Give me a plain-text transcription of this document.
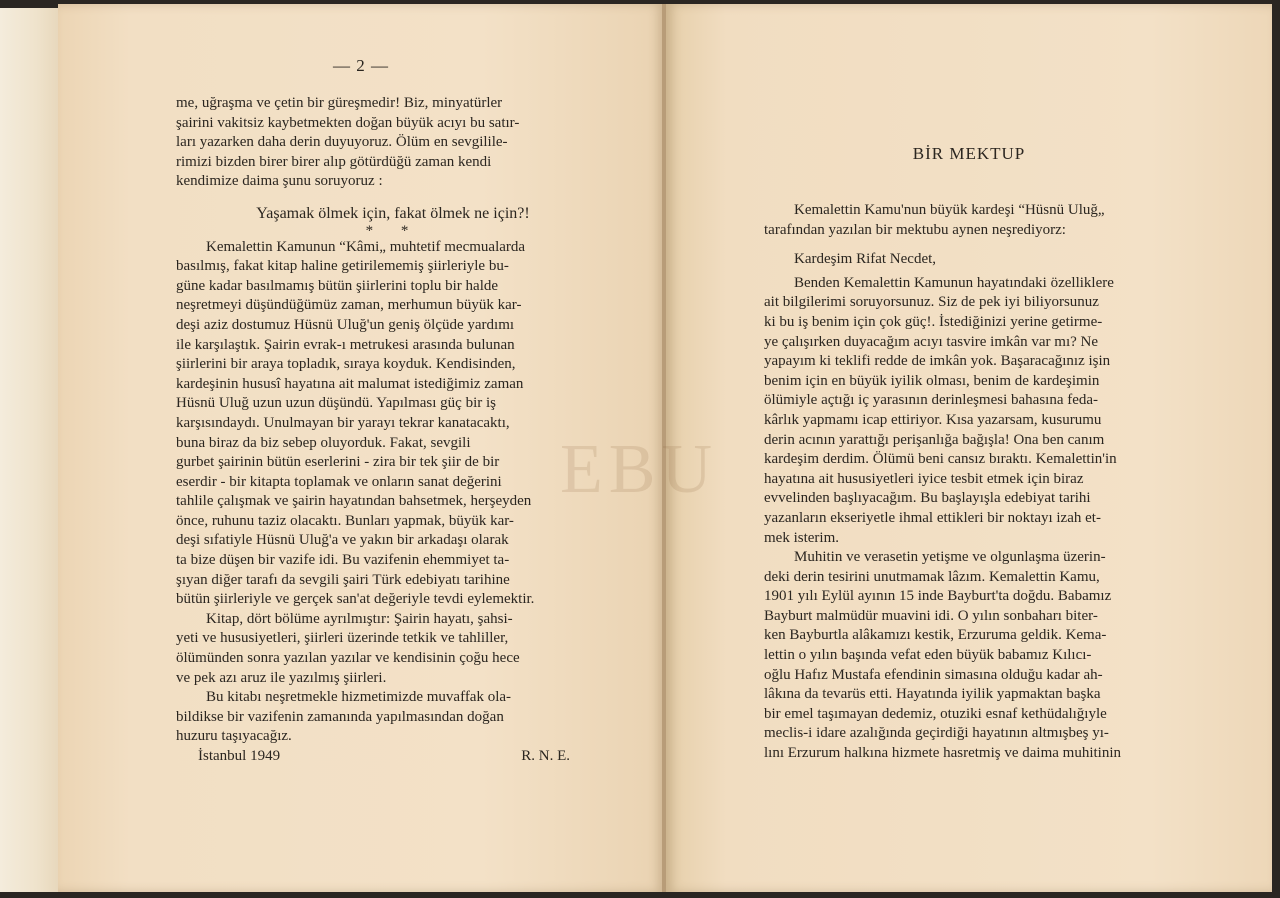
— 2 —

me, uğraşma ve çetin bir güreşmedir! Biz, minyatürler

şairini vakitsiz kaybetmekten doğan büyük acıyı bu satır-

ları yazarken daha derin duyuyoruz. Ölüm en sevgilile-

rimizi bizden birer birer alıp götürdüğü zaman kendi

kendimize daima şunu soruyoruz :

Yaşamak ölmek için, fakat ölmek ne için?!

* *

Kemalettin Kamunun “Kâmi„ muhtetif mecmualarda

basılmış, fakat kitap haline getirilememiş şiirleriyle bu-

güne kadar basılmamış bütün şiirlerini toplu bir halde

neşretmeyi düşündüğümüz zaman, merhumun büyük kar-

deşi aziz dostumuz Hüsnü Uluğ'un geniş ölçüde yardımı

ile karşılaştık. Şairin evrak-ı metrukesi arasında bulunan

şiirlerini bir araya topladık, sıraya koyduk. Kendisinden,

kardeşinin hususî hayatına ait malumat istediğimiz zaman

Hüsnü Uluğ uzun uzun düşündü. Yapılması güç bir iş

karşısındaydı. Unulmayan bir yarayı tekrar kanatacaktı,

buna biraz da biz sebep oluyorduk. Fakat, sevgili

gurbet şairinin bütün eserlerini - zira bir tek şiir de bir

eserdir - bir kitapta toplamak ve onların sanat değerini

tahlile çalışmak ve şairin hayatından bahsetmek, herşeyden

önce, ruhunu taziz olacaktı. Bunları yapmak, büyük kar-

deşi sıfatiyle Hüsnü Uluğ'a ve yakın bir arkadaşı olarak

ta bize düşen bir vazife idi. Bu vazifenin ehemmiyet ta-

şıyan diğer tarafı da sevgili şairi Türk edebiyatı tarihine

bütün şiirleriyle ve gerçek san'at değeriyle tevdi eylemektir.

Kitap, dört bölüme ayrılmıştır: Şairin hayatı, şahsi-

yeti ve hususiyetleri, şiirleri üzerinde tetkik ve tahliller,

ölümünden sonra yazılan yazılar ve kendisinin çoğu hece

ve pek azı aruz ile yazılmış şiirleri.

Bu kitabı neşretmekle hizmetimizde muvaffak ola-

bildikse bir vazifenin zamanında yapılmasından doğan

huzuru taşıyacağız.

İstanbul 1949	R. N. E.
BİR MEKTUP

Kemalettin Kamu'nun büyük kardeşi “Hüsnü Uluğ„

tarafından yazılan bir mektubu aynen neşrediyorz:

Kardeşim Rifat Necdet,

Benden Kemalettin Kamunun hayatındaki özelliklere

ait bilgilerimi soruyorsunuz. Siz de pek iyi biliyorsunuz

ki bu iş benim için çok güç!. İstediğinizi yerine getirme-

ye çalışırken duyacağım acıyı tasvire imkân var mı? Ne

yapayım ki teklifi redde de imkân yok. Başaracağınız işin

benim için en büyük iyilik olması, benim de kardeşimin

ölümiyle açtığı iç yarasının derinleşmesi bahasına feda-

kârlık yapmamı icap ettiriyor. Kısa yazarsam, kusurumu

derin acının yarattığı perişanlığa bağışla! Ona ben canım

kardeşim derdim. Ölümü beni cansız bıraktı. Kemalettin'in

hayatına ait hususiyetleri iyice tesbit etmek için biraz

evvelinden başlıyacağım. Bu başlayışla edebiyat tarihi

yazanların ekseriyetle ihmal ettikleri bir noktayı izah et-

mek isterim.

Muhitin ve verasetin yetişme ve olgunlaşma üzerin-

deki derin tesirini unutmamak lâzım. Kemalettin Kamu,

1901 yılı Eylül ayının 15 inde Bayburt'ta doğdu. Babamız

Bayburt malmüdür muavini idi. O yılın sonbaharı biter-

ken Bayburtla alâkamızı kestik, Erzuruma geldik. Kema-

lettin o yılın başında vefat eden büyük babamız Kılıcı-

oğlu Hafız Mustafa efendinin simasına olduğu kadar ah-

lâkına da tevarüs etti. Hayatında iyilik yapmaktan başka

bir emel taşımayan dedemiz, otuziki esnaf kethüdalığıyle

meclis-i idare azalığında geçirdiği hayatının altmışbeş yı-

lını Erzurum halkına hizmete hasretmiş ve daima muhitinin

EBU
